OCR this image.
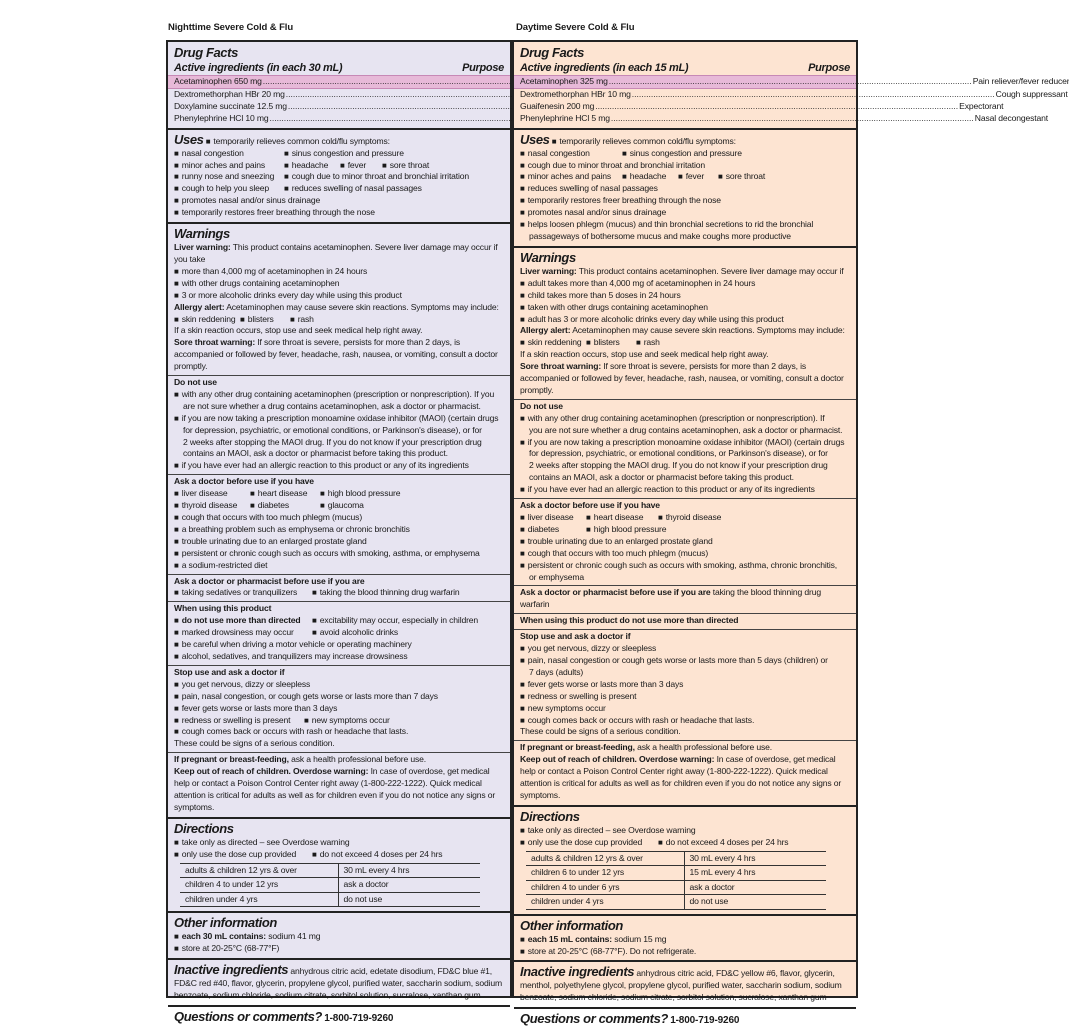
Nighttime Severe Cold & Flu	Daytime Severe Cold & Flu
Drug Facts
Active ingredients (in each 30 mL)	Purpose
Acetaminophen 650 mg
.....
Dextromethorphan HBr 20 mg
.....
Doxylamine succinate 12.5 mg
.....
Phenylephrine HCl 10 mg
.....
Uses ■ temporarily relieves common cold/flu symptoms:
■ nasal congestion	■ sinus congestion and pressure
■ minor aches and pains	■ headache	■ fever	■ sore throat
■ runny nose and sneezing	■ cough due to minor throat and bronchial irritation
■ cough to help you sleep	■ reduces swelling of nasal passages
■ promotes nasal and/or sinus drainage
■ temporarily restores freer breathing through the nose
Warnings
Liver warning: This product contains acetaminophen. Severe liver damage may occur if you take
■ more than 4,000 mg of acetaminophen in 24 hours
■ with other drugs containing acetaminophen
■ 3 or more alcoholic drinks every day while using this product
Allergy alert: Acetaminophen may cause severe skin reactions. Symptoms may include:
■ skin reddening	■ blisters	■ rash
If a skin reaction occurs, stop use and seek medical help right away.
Sore throat warning: If sore throat is severe, persists for more than 2 days, is accompanied or followed by fever, headache, rash, nausea, or vomiting, consult a doctor promptly.
Do not use
■ with any other drug containing acetaminophen (prescription or nonprescription). If you
are not sure whether a drug contains acetaminophen, ask a doctor or pharmacist.
■ if you are now taking a prescription monoamine oxidase inhibitor (MAOI) (certain drugs
for depression, psychiatric, or emotional conditions, or Parkinson's disease), or for
2 weeks after stopping the MAOI drug. If you do not know if your prescription drug
contains an MAOI, ask a doctor or pharmacist before taking this product.
■ if you have ever had an allergic reaction to this product or any of its ingredients
Ask a doctor before use if you have
■ liver disease	■ heart disease	■ high blood pressure
■ thyroid disease	■ diabetes	■ glaucoma
■ cough that occurs with too much phlegm (mucus)
■ a breathing problem such as emphysema or chronic bronchitis
■ trouble urinating due to an enlarged prostate gland
■ persistent or chronic cough such as occurs with smoking, asthma, or emphysema
■ a sodium-restricted diet
Ask a doctor or pharmacist before use if you are
■ taking sedatives or tranquilizers	■ taking the blood thinning drug warfarin
When using this product
■ do not use more than directed	■ excitability may occur, especially in children
■ marked drowsiness may occur	■ avoid alcoholic drinks
■ be careful when driving a motor vehicle or operating machinery
■ alcohol, sedatives, and tranquilizers may increase drowsiness
Stop use and ask a doctor if
■ you get nervous, dizzy or sleepless
■ pain, nasal congestion, or cough gets worse or lasts more than 7 days
■ fever gets worse or lasts more than 3 days
■ redness or swelling is present	■ new symptoms occur
■ cough comes back or occurs with rash or headache that lasts.
These could be signs of a serious condition.
If pregnant or breast-feeding, ask a health professional before use.
Keep out of reach of children. Overdose warning: In case of overdose, get medical help or contact a Poison Control Center right away (1-800-222-1222). Quick medical attention is critical for adults as well as for children even if you do not notice any signs or symptoms.
Directions
■ take only as directed – see Overdose warning
■ only use the dose cup provided	■ do not exceed 4 doses per 24 hrs
adults & children 12 yrs & over	30 mL every 4 hrs
children 4 to under 12 yrs	ask a doctor
children under 4 yrs	do not use
Other information
■ each 30 mL contains: sodium 41 mg
■ store at 20-25°C (68-77°F)
Inactive ingredients anhydrous citric acid, edetate disodium, FD&C blue #1, FD&C red #40, flavor, glycerin, propylene glycol, purified water, saccharin sodium, sodium benzoate, sodium chloride, sodium citrate, sorbitol solution, sucralose, xanthan gum
Questions or comments? 1-800-719-9260
Drug Facts
Active ingredients (in each 15 mL)	Purpose
Acetaminophen 325 mg .....	Pain reliever/fever reducer
Dextromethorphan HBr 10 mg .....	Cough suppressant
Guaifenesin 200 mg .....	Expectorant
Phenylephrine HCl 5 mg .....	Nasal decongestant
Uses ■ temporarily relieves common cold/flu symptoms:
■ nasal congestion	■ sinus congestion and pressure
■ cough due to minor throat and bronchial irritation
■ minor aches and pains	■ headache	■ fever	■ sore throat
■ reduces swelling of nasal passages
■ temporarily restores freer breathing through the nose
■ promotes nasal and/or sinus drainage
■ helps loosen phlegm (mucus) and thin bronchial secretions to rid the bronchial
passageways of bothersome mucus and make coughs more productive
Warnings
Liver warning: This product contains acetaminophen. Severe liver damage may occur if
■ adult takes more than 4,000 mg of acetaminophen in 24 hours
■ child takes more than 5 doses in 24 hours
■ taken with other drugs containing acetaminophen
■ adult has 3 or more alcoholic drinks every day while using this product
Allergy alert: Acetaminophen may cause severe skin reactions. Symptoms may include:
■ skin reddening	■ blisters	■ rash
If a skin reaction occurs, stop use and seek medical help right away.
Sore throat warning: If sore throat is severe, persists for more than 2 days, is accompanied or followed by fever, headache, rash, nausea, or vomiting, consult a doctor promptly.
Do not use
■ with any other drug containing acetaminophen (prescription or nonprescription). If
you are not sure whether a drug contains acetaminophen, ask a doctor or pharmacist.
■ if you are now taking a prescription monoamine oxidase inhibitor (MAOI) (certain drugs
for depression, psychiatric, or emotional conditions, or Parkinson's disease), or for
2 weeks after stopping the MAOI drug. If you do not know if your prescription drug
contains an MAOI, ask a doctor or pharmacist before taking this product.
■ if you have ever had an allergic reaction to this product or any of its ingredients
Ask a doctor before use if you have
■ liver disease	■ heart disease	■ thyroid disease
■ diabetes	■ high blood pressure
■ trouble urinating due to an enlarged prostate gland
■ cough that occurs with too much phlegm (mucus)
■ persistent or chronic cough such as occurs with smoking, asthma, chronic bronchitis,
or emphysema
Ask a doctor or pharmacist before use if you are taking the blood thinning drug warfarin
When using this product do not use more than directed
Stop use and ask a doctor if
■ you get nervous, dizzy or sleepless
■ pain, nasal congestion or cough gets worse or lasts more than 5 days (children) or
7 days (adults)
■ fever gets worse or lasts more than 3 days
■ redness or swelling is present
■ new symptoms occur
■ cough comes back or occurs with rash or headache that lasts.
These could be signs of a serious condition.
If pregnant or breast-feeding, ask a health professional before use.
Keep out of reach of children. Overdose warning: In case of overdose, get medical help or contact a Poison Control Center right away (1-800-222-1222). Quick medical attention is critical for adults as well as for children even if you do not notice any signs or symptoms.
Directions
■ take only as directed – see Overdose warning
■ only use the dose cup provided	■ do not exceed 4 doses per 24 hrs
adults & children 12 yrs & over	30 mL every 4 hrs
children 6 to under 12 yrs	15 mL every 4 hrs
children 4 to under 6 yrs	ask a doctor
children under 4 yrs	do not use
Other information
■ each 15 mL contains: sodium 15 mg
■ store at 20-25°C (68-77°F). Do not refrigerate.
Inactive ingredients anhydrous citric acid, FD&C yellow #6, flavor, glycerin, menthol, polyethylene glycol, propylene glycol, purified water, saccharin sodium, sodium benzoate, sodium chloride, sodium citrate, sorbitol solution, sucralose, xanthan gum
Questions or comments? 1-800-719-9260
